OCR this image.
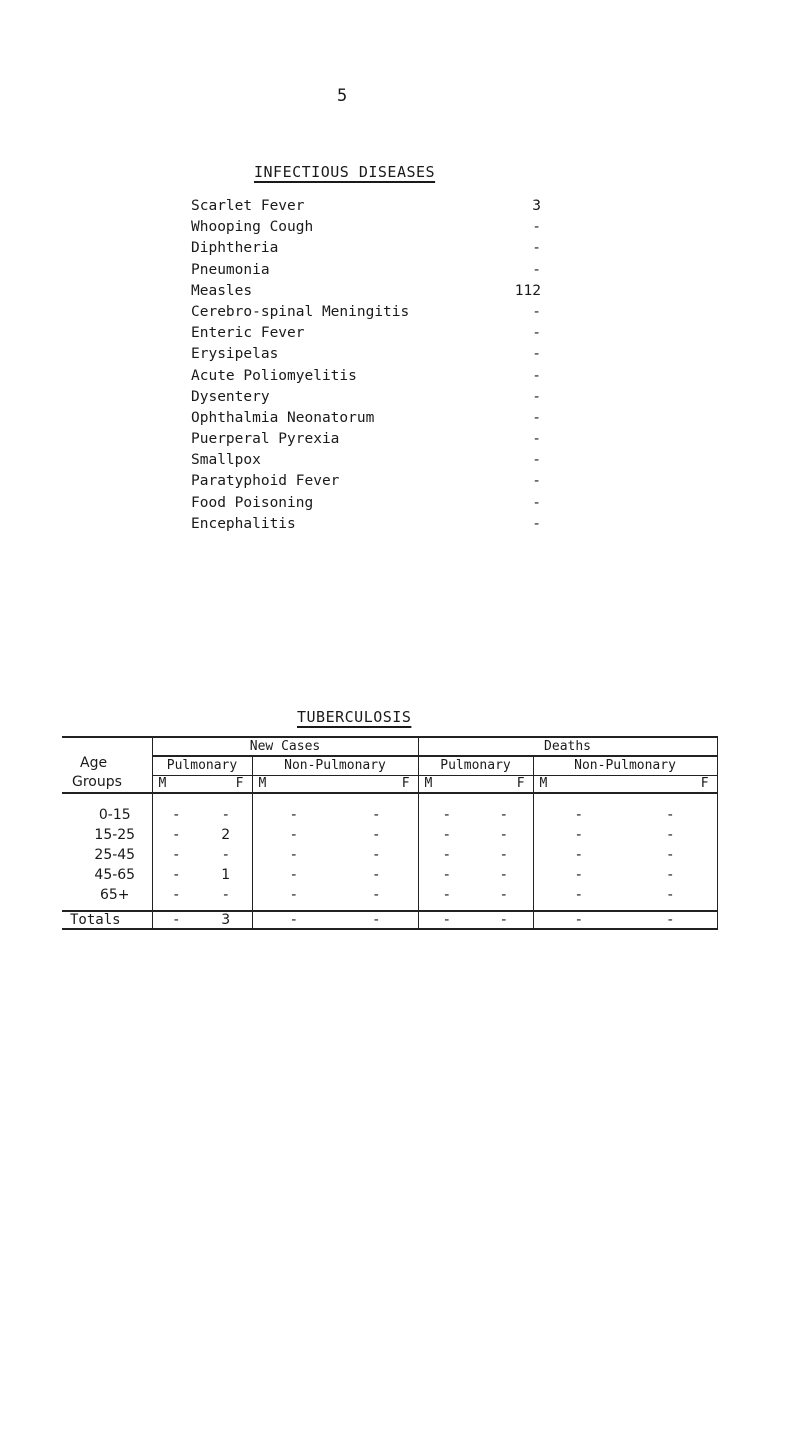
5
INFECTIOUS DISEASES
Scarlet Fever	3
Whooping Cough	-
Diphtheria	-
Pneumonia	-
Measles	112
Cerebro-spinal Meningitis	-
Enteric Fever	-
Erysipelas	-
Acute Poliomyelitis	-
Dysentery	-
Ophthalmia Neonatorum	-
Puerperal Pyrexia	-
Smallpox	-
Paratyphoid Fever	-
Food Poisoning	-
Encephalitis	-
TUBERCULOSIS
Age
Groups	New Cases				Deaths			
	Pulmonary		Non-Pulmonary		Pulmonary		Non-Pulmonary	
	M	F	M	F	M	F	M	F

0-15	-	-	-	-	-	-	-	-
15-25	-	2	-	-	-	-	-	-
25-45	-	-	-	-	-	-	-	-
45-65	-	1	-	-	-	-	-	-
65+	-	-	-	-	-	-	-	-

Totals	-	3	-	-	-	-	-	-
